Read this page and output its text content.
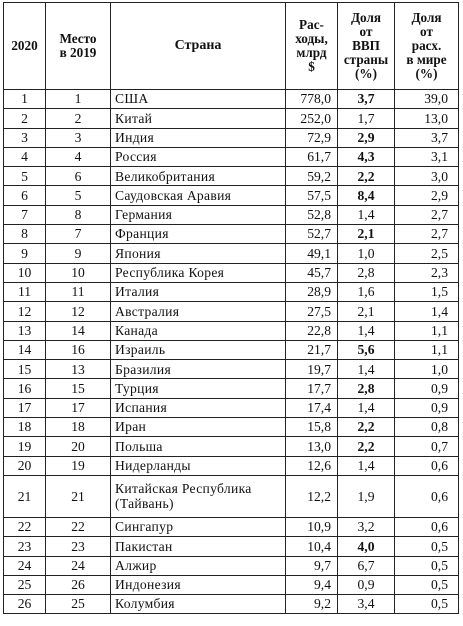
2020	Место
в 2019	Страна	Рас-
ходы,
млрд
$	Доля
от
ВВП
страны
(%)	Доля
от
расх.
в мире
(%)
1	1	США	778,0	3,7	39,0
2	2	Китай	252,0	1,7	13,0
3	3	Индия	72,9	2,9	3,7
4	4	Россия	61,7	4,3	3,1
5	6	Великобритания	59,2	2,2	3,0
6	5	Саудовская Аравия	57,5	8,4	2,9
7	8	Германия	52,8	1,4	2,7
8	7	Франция	52,7	2,1	2,7
9	9	Япония	49,1	1,0	2,5
10	10	Республика Корея	45,7	2,8	2,3
11	11	Италия	28,9	1,6	1,5
12	12	Австралия	27,5	2,1	1,4
13	14	Канада	22,8	1,4	1,1
14	16	Израиль	21,7	5,6	1,1
15	13	Бразилия	19,7	1,4	1,0
16	15	Турция	17,7	2,8	0,9
17	17	Испания	17,4	1,4	0,9
18	18	Иран	15,8	2,2	0,8
19	20	Польша	13,0	2,2	0,7
20	19	Нидерланды	12,6	1,4	0,6
21	21	Китайская Республика
(Тайвань)	12,2	1,9	0,6
22	22	Сингапур	10,9	3,2	0,6
23	23	Пакистан	10,4	4,0	0,5
24	24	Алжир	9,7	6,7	0,5
25	26	Индонезия	9,4	0,9	0,5
26	25	Колумбия	9,2	3,4	0,5
